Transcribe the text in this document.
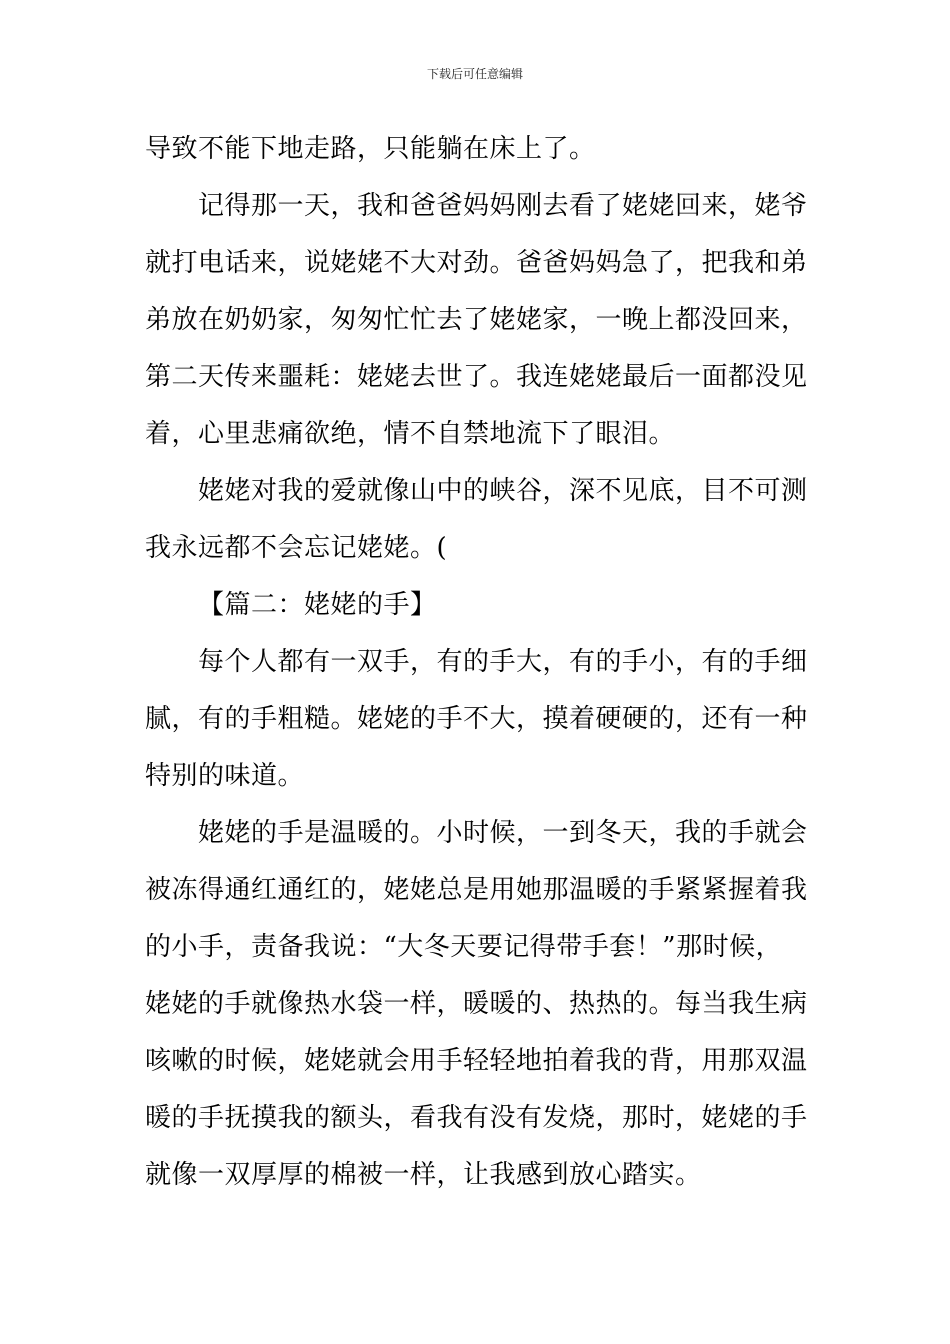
下载后可任意编辑
导致不能下地走路，只能躺在床上了。
记得那一天，我和爸爸妈妈刚去看了姥姥回来，姥爷
就打电话来，说姥姥不大对劲。爸爸妈妈急了，把我和弟
弟放在奶奶家，匆匆忙忙去了姥姥家，一晚上都没回来，
第二天传来噩耗：姥姥去世了。我连姥姥最后一面都没见
着，心里悲痛欲绝，情不自禁地流下了眼泪。
姥姥对我的爱就像山中的峡谷，深不见底，目不可测
我永远都不会忘记姥姥。(
【篇二：姥姥的手】
每个人都有一双手，有的手大，有的手小，有的手细
腻，有的手粗糙。姥姥的手不大，摸着硬硬的，还有一种
特别的味道。
姥姥的手是温暖的。小时候，一到冬天，我的手就会
被冻得通红通红的，姥姥总是用她那温暖的手紧紧握着我
的小手，责备我说：“大冬天要记得带手套！”那时候，
姥姥的手就像热水袋一样，暖暖的、热热的。每当我生病
咳嗽的时候，姥姥就会用手轻轻地拍着我的背，用那双温
暖的手抚摸我的额头，看我有没有发烧，那时，姥姥的手
就像一双厚厚的棉被一样，让我感到放心踏实。
